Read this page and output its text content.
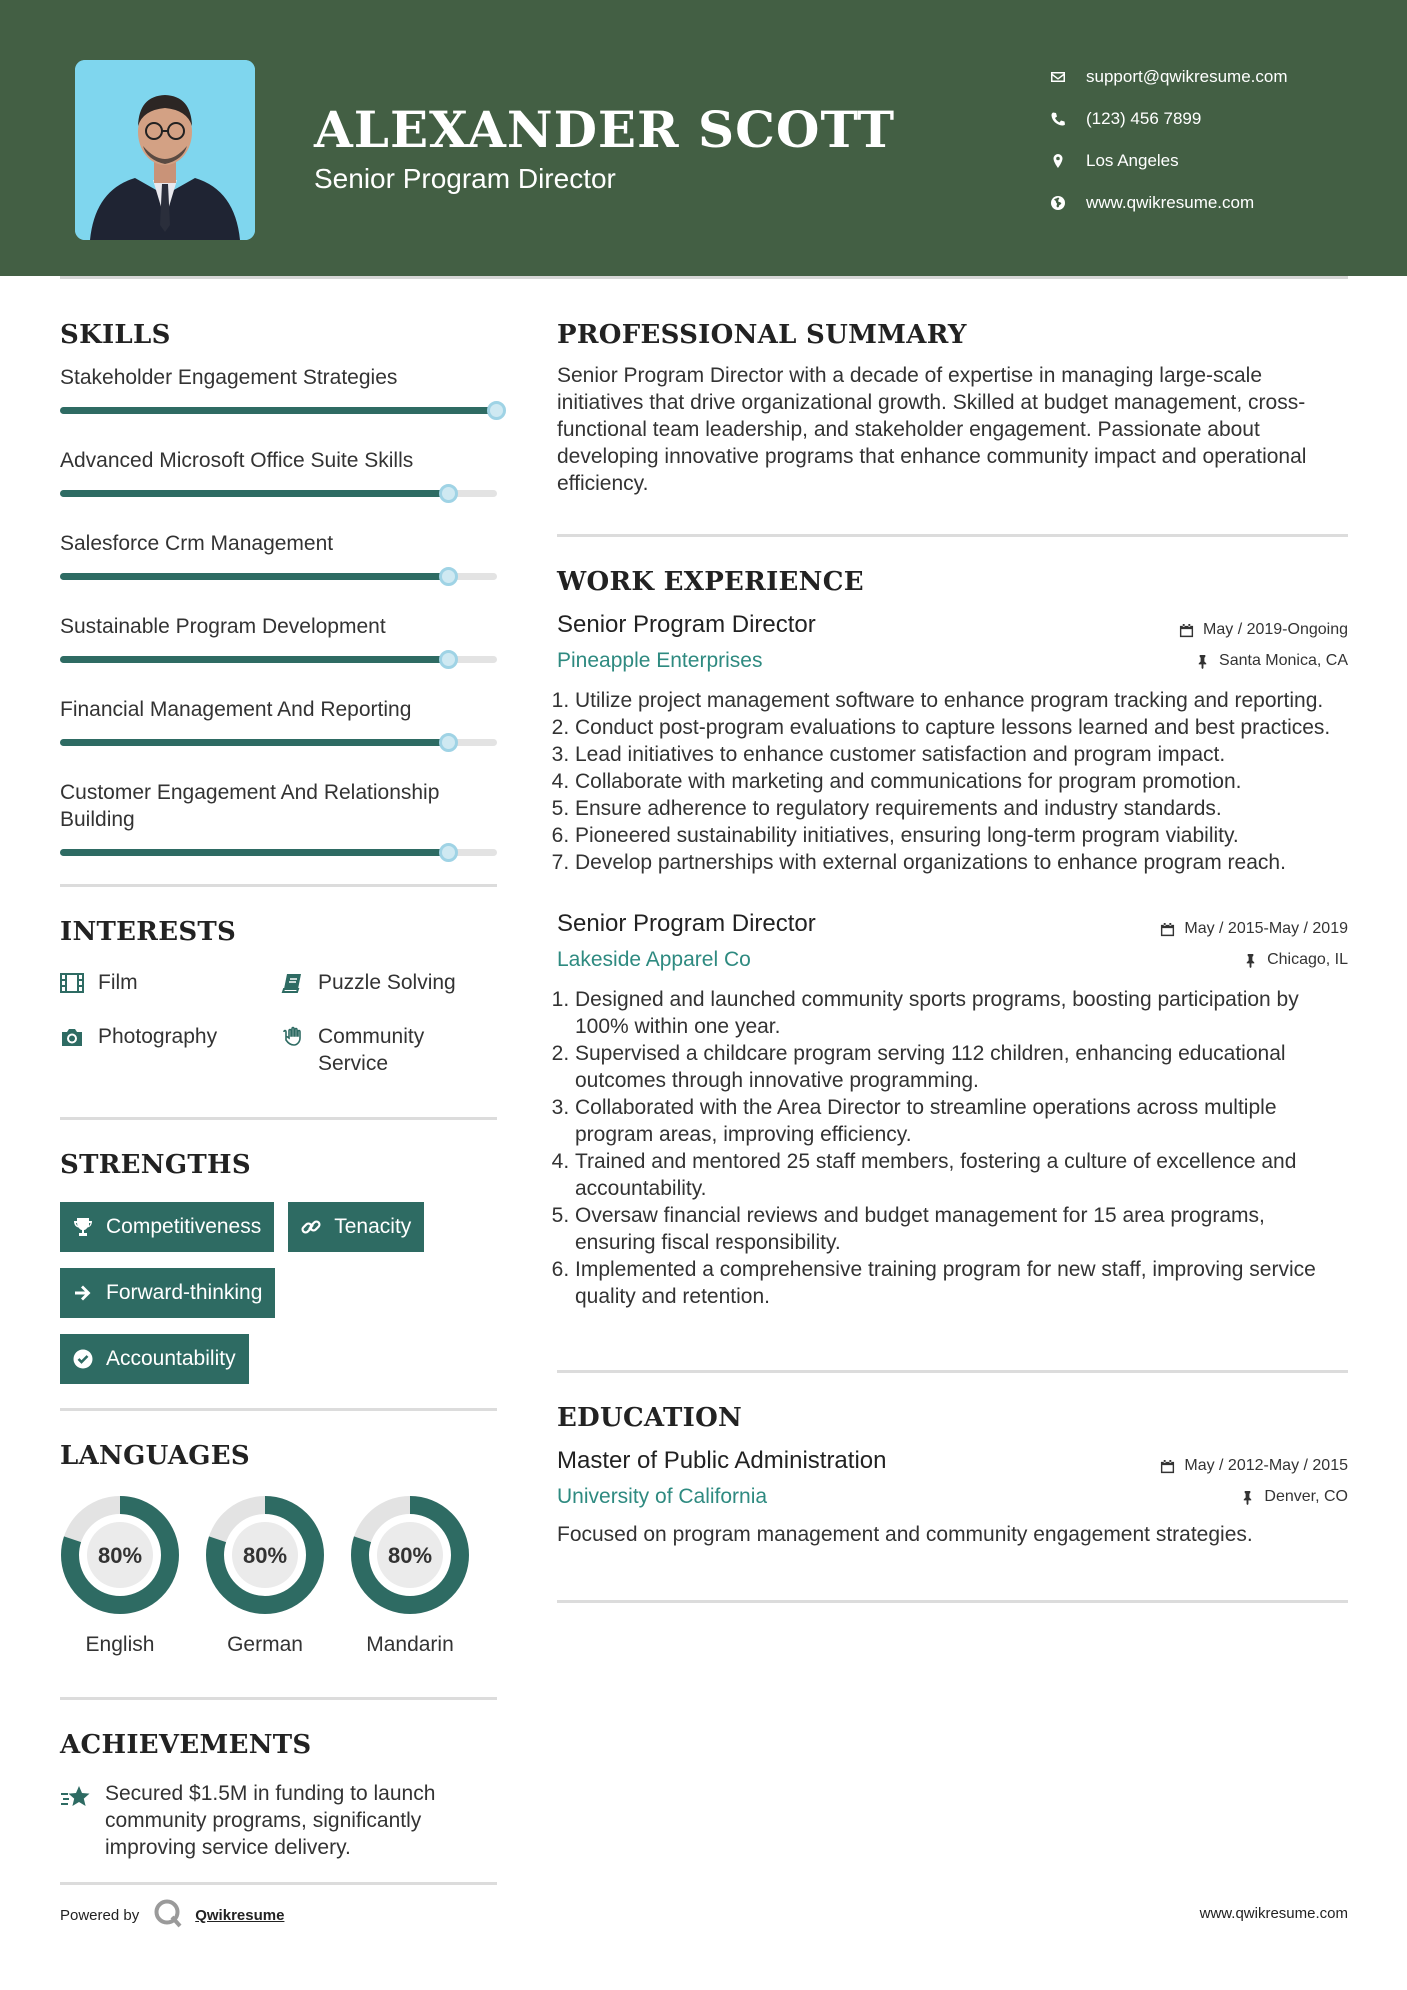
ALEXANDER SCOTT
Senior Program Director
support@qwikresume.com
(123) 456 7899
Los Angeles
www.qwikresume.com
SKILLS
Stakeholder Engagement Strategies
Advanced Microsoft Office Suite Skills
Salesforce Crm Management
Sustainable Program Development
Financial Management And Reporting
Customer Engagement And Relationship Building
INTERESTS
Film	Puzzle Solving
Photography	Community Service
STRENGTHS
Competitiveness	Tenacity
Forward-thinking
Accountability
LANGUAGES
80%
English
80%
German
80%
Mandarin
ACHIEVEMENTS
Secured $1.5M in funding to launch community programs, significantly improving service delivery.
Powered by	Qwikresume	www.qwikresume.com
PROFESSIONAL SUMMARY
Senior Program Director with a decade of expertise in managing large-scale initiatives that drive organizational growth. Skilled at budget management, cross-functional team leadership, and stakeholder engagement. Passionate about developing innovative programs that enhance community impact and operational efficiency.
WORK EXPERIENCE
Senior Program Director	May / 2019-Ongoing
Pineapple Enterprises	Santa Monica, CA
1. Utilize project management software to enhance program tracking and reporting.
2. Conduct post-program evaluations to capture lessons learned and best practices.
3. Lead initiatives to enhance customer satisfaction and program impact.
4. Collaborate with marketing and communications for program promotion.
5. Ensure adherence to regulatory requirements and industry standards.
6. Pioneered sustainability initiatives, ensuring long-term program viability.
7. Develop partnerships with external organizations to enhance program reach.
Senior Program Director	May / 2015-May / 2019
Lakeside Apparel Co	Chicago, IL
1. Designed and launched community sports programs, boosting participation by 100% within one year.
2. Supervised a childcare program serving 112 children, enhancing educational outcomes through innovative programming.
3. Collaborated with the Area Director to streamline operations across multiple program areas, improving efficiency.
4. Trained and mentored 25 staff members, fostering a culture of excellence and accountability.
5. Oversaw financial reviews and budget management for 15 area programs, ensuring fiscal responsibility.
6. Implemented a comprehensive training program for new staff, improving service quality and retention.
EDUCATION
Master of Public Administration	May / 2012-May / 2015
University of California	Denver, CO
Focused on program management and community engagement strategies.
